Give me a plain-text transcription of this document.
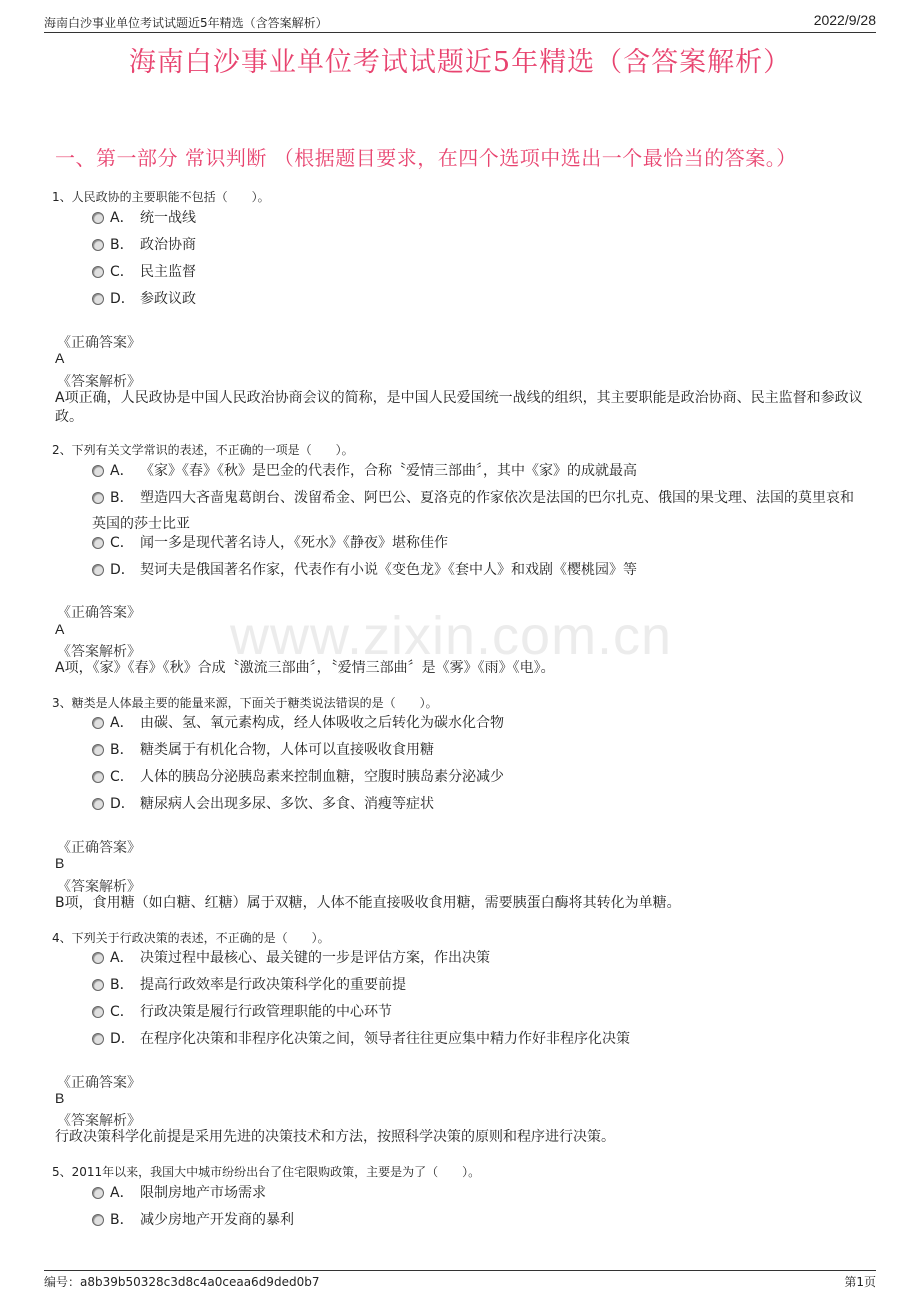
海南白沙事业单位考试试题近5年精选（含答案解析）	2022/9/28
www.zixin.com.cn
海南白沙事业单位考试试题近5年精选（含答案解析）
一、第一部分 常识判断 （根据题目要求，在四个选项中选出一个最恰当的答案。）
1、人民政协的主要职能不包括（　　）。
A． 统一战线
B． 政治协商
C． 民主监督
D． 参政议政
《正确答案》
A
《答案解析》
A项正确，人民政协是中国人民政治协商会议的简称，是中国人民爱国统一战线的组织，其主要职能是政治协商、民主监督和参政议政。
2、下列有关文学常识的表述，不正确的一项是（　　）。
A． 《家》《春》《秋》是巴金的代表作，合称〝爱情三部曲〞，其中《家》的成就最高
B． 塑造四大吝啬鬼葛朗台、泼留希金、阿巴公、夏洛克的作家依次是法国的巴尔扎克、俄国的果戈理、法国的莫里哀和英国的莎士比亚
C． 闻一多是现代著名诗人，《死水》《静夜》堪称佳作
D． 契诃夫是俄国著名作家，代表作有小说《变色龙》《套中人》和戏剧《樱桃园》等
《正确答案》
A
《答案解析》
A项，《家》《春》《秋》合成〝激流三部曲〞，〝爱情三部曲〞是《雾》《雨》《电》。
3、糖类是人体最主要的能量来源，下面关于糖类说法错误的是（　　）。
A． 由碳、氢、氧元素构成，经人体吸收之后转化为碳水化合物
B． 糖类属于有机化合物，人体可以直接吸收食用糖
C． 人体的胰岛分泌胰岛素来控制血糖，空腹时胰岛素分泌减少
D． 糖尿病人会出现多尿、多饮、多食、消瘦等症状
《正确答案》
B
《答案解析》
B项，食用糖（如白糖、红糖）属于双糖，人体不能直接吸收食用糖，需要胰蛋白酶将其转化为单糖。
4、下列关于行政决策的表述，不正确的是（　　）。
A． 决策过程中最核心、最关键的一步是评估方案，作出决策
B． 提高行政效率是行政决策科学化的重要前提
C． 行政决策是履行行政管理职能的中心环节
D． 在程序化决策和非程序化决策之间，领导者往往更应集中精力作好非程序化决策
《正确答案》
B
《答案解析》
行政决策科学化前提是采用先进的决策技术和方法，按照科学决策的原则和程序进行决策。
5、2011年以来，我国大中城市纷纷出台了住宅限购政策，主要是为了（　　）。
A． 限制房地产市场需求
B． 减少房地产开发商的暴利
编号：a8b39b50328c3d8c4a0ceaa6d9ded0b7	第1页
